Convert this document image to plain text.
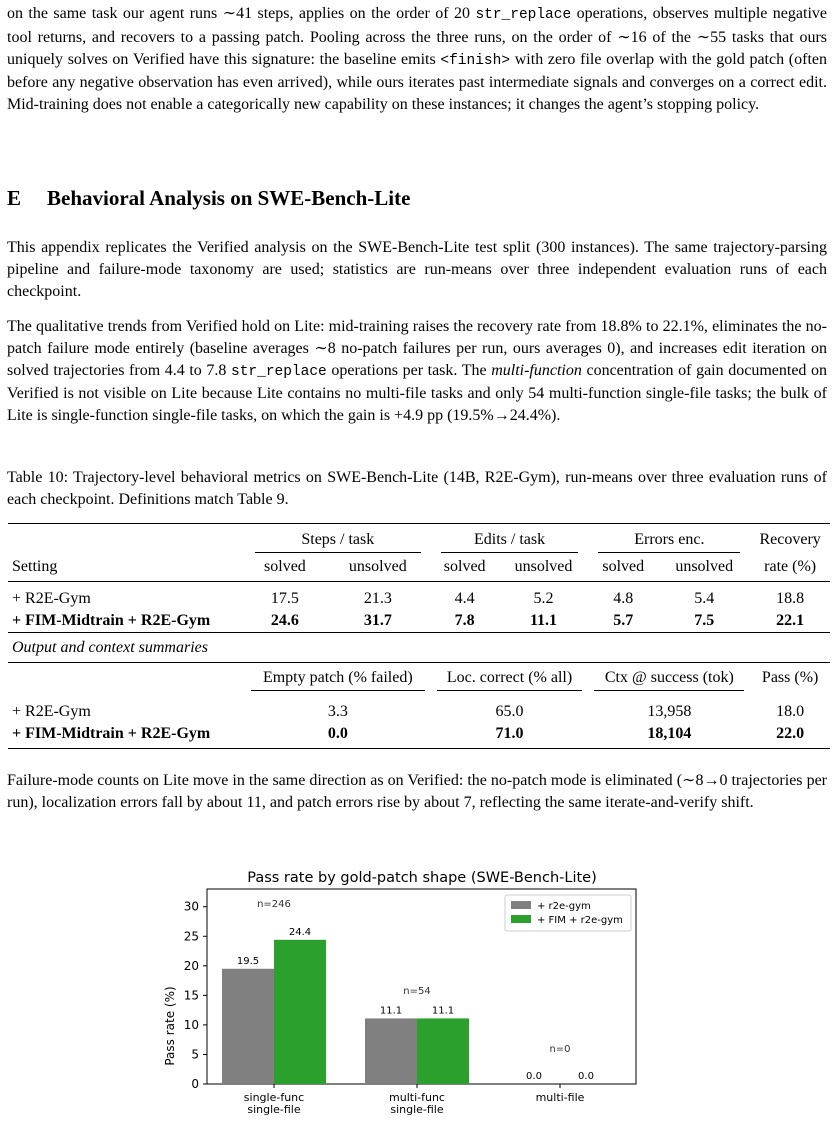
on the same task our agent runs ∼41 steps, applies on the order of 20 str_replace operations, observes multiple negative tool returns, and recovers to a passing patch. Pooling across the three runs, on the order of ∼16 of the ∼55 tasks that ours uniquely solves on Verified have this signature: the baseline emits <finish> with zero file overlap with the gold patch (often before any negative observation has even arrived), while ours iterates past intermediate signals and converges on a correct edit. Mid-training does not enable a categorically new capability on these instances; it changes the agent’s stopping policy.

E Behavioral Analysis on SWE-Bench-Lite

This appendix replicates the Verified analysis on the SWE-Bench-Lite test split (300 instances). The same trajectory-parsing pipeline and failure-mode taxonomy are used; statistics are run-means over three independent evaluation runs of each checkpoint.

The qualitative trends from Verified hold on Lite: mid-training raises the recovery rate from 18.8% to 22.1%, eliminates the no-patch failure mode entirely (baseline averages ∼8 no-patch failures per run, ours averages 0), and increases edit iteration on solved trajectories from 4.4 to 7.8 str_replace operations per task. The multi-function concentration of gain documented on Verified is not visible on Lite because Lite contains no multi-file tasks and only 54 multi-function single-file tasks; the bulk of Lite is single-function single-file tasks, on which the gain is +4.9 pp (19.5%→24.4%).

Table 10: Trajectory-level behavioral metrics on SWE-Bench-Lite (14B, R2E-Gym), run-means over three evaluation runs of each checkpoint. Definitions match Table 9.

	Steps / task		Edits / task		Errors enc.		Recovery

Setting	solved	unsolved	solved	unsolved	solved	unsolved	rate (%)
+ R2E-Gym	17.5	21.3	4.4	5.2	4.8	5.4	18.8
+ FIM-Midtrain + R2E-Gym	24.6	31.7	7.8	11.1	5.7	7.5	22.1
Output and context summaries							

	Empty patch (% failed)		Loc. correct (% all)		Ctx @ success (tok)		Pass (%)

+ R2E-Gym	3.3		65.0		13,958		18.0
+ FIM-Midtrain + R2E-Gym	0.0		71.0		18,104		22.0

Failure-mode counts on Lite move in the same direction as on Verified: the no-patch mode is eliminated (∼8→0 trajectories per run), localization errors fall by about 11, and patch errors rise by about 7, reflecting the same iterate-and-verify shift.

Pass rate by gold-patch shape (SWE-Bench-Lite)
Pass rate (%)
0
5
10
15
20
25
30
19.5
11.1
0.0
24.4
11.1
0.0
n=246
n=54
n=0
single-func
single-file
multi-func
single-file
multi-file
+ r2e-gym
+ FIM + r2e-gym
